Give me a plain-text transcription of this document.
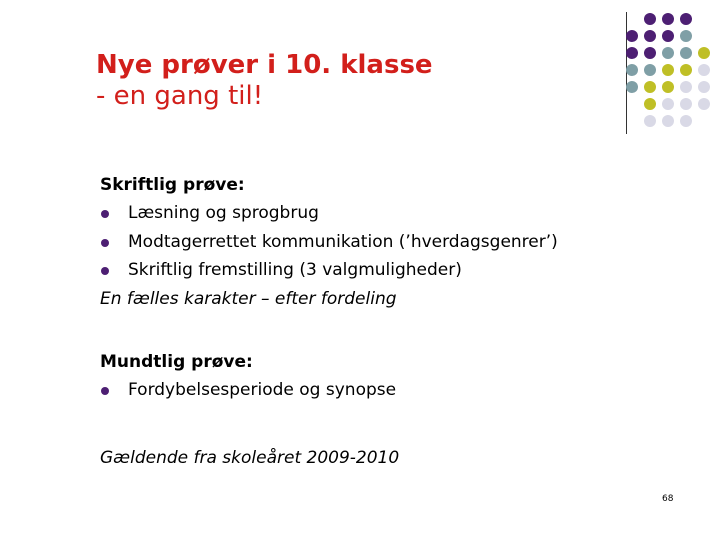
Nye prøver i 10. klasse
- en gang til!
Skriftlig prøve:
Læsning og sprogbrug
Modtagerrettet kommunikation (’hverdagsgenrer’)
Skriftlig fremstilling (3 valgmuligheder)
En fælles karakter – efter fordeling
Mundtlig prøve:
Fordybelsesperiode og synopse
Gældende fra skoleåret 2009-2010
68
